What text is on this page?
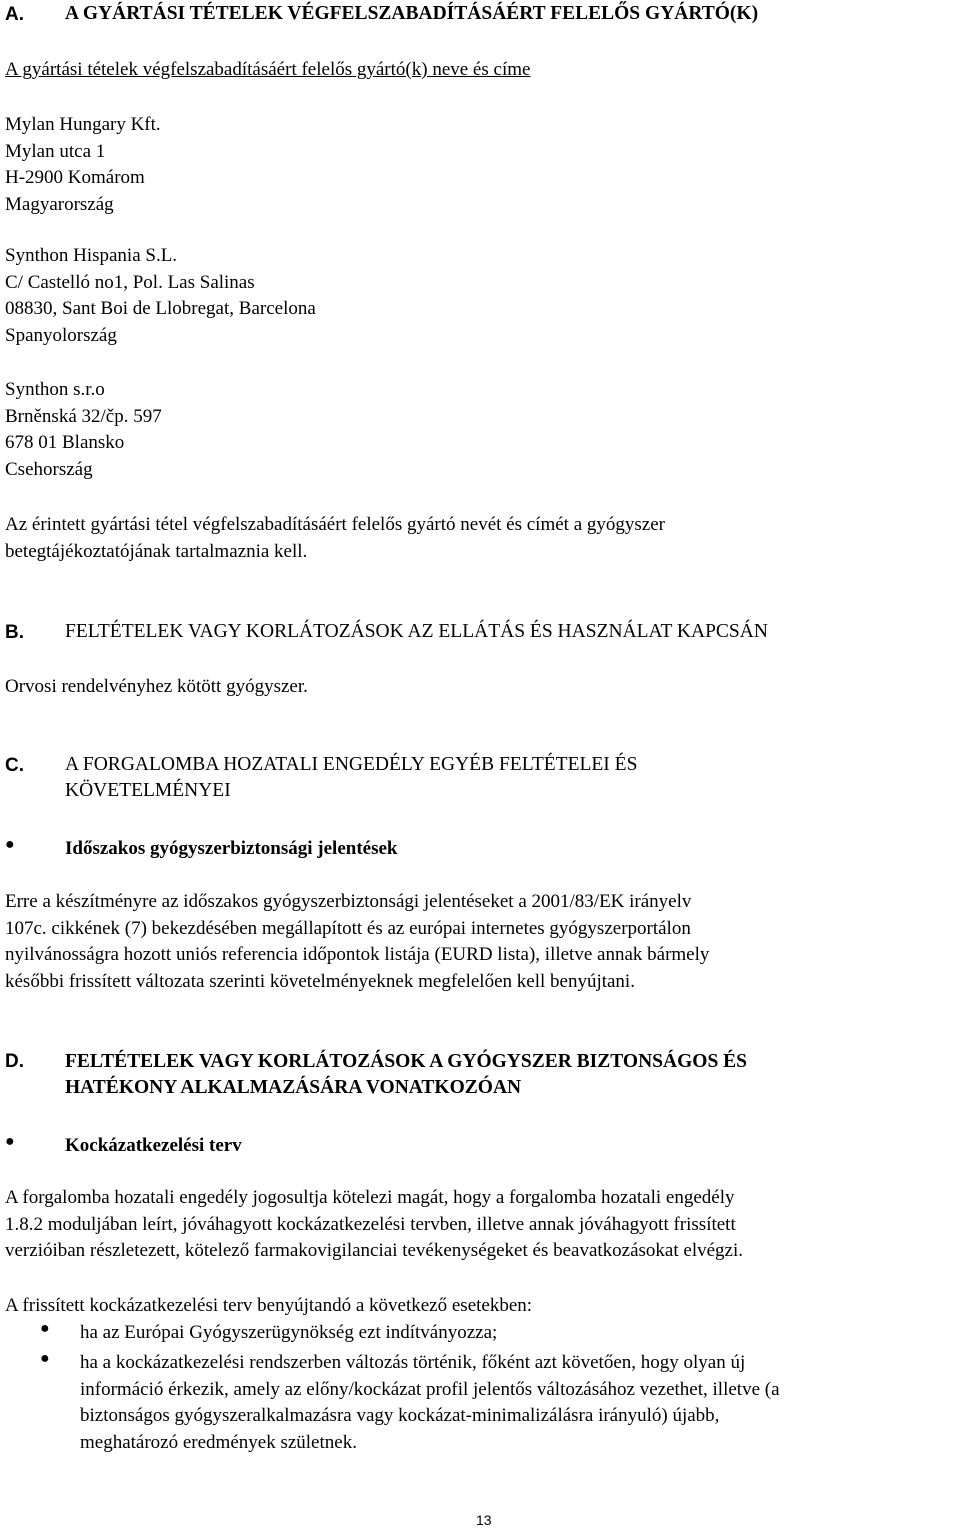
A. A GYÁRTÁSI TÉTELEK VÉGFELSZABADÍTÁSÁÉRT FELELŐS GYÁRTÓ(K)
A gyártási tételek végfelszabadításáért felelős gyártó(k) neve és címe
Mylan Hungary Kft.
Mylan utca 1
H-2900 Komárom
Magyarország
Synthon Hispania S.L.
C/ Castelló no1, Pol. Las Salinas
08830, Sant Boi de Llobregat, Barcelona
Spanyolország
Synthon s.r.o
Brněnská 32/čp. 597
678 01 Blansko
Csehország
Az érintett gyártási tétel végfelszabadításáért felelős gyártó nevét és címét a gyógyszer
betegtájékoztatójának tartalmaznia kell.
B. FELTÉTELEK VAGY KORLÁTOZÁSOK AZ ELLÁTÁS ÉS HASZNÁLAT KAPCSÁN
Orvosi rendelvényhez kötött gyógyszer.
C. A FORGALOMBA HOZATALI ENGEDÉLY EGYÉB FELTÉTELEI ÉS
KÖVETELMÉNYEI
●	Időszakos gyógyszerbiztonsági jelentések
Erre a készítményre az időszakos gyógyszerbiztonsági jelentéseket a 2001/83/EK irányelv
107c. cikkének (7) bekezdésében megállapított és az európai internetes gyógyszerportálon
nyilvánosságra hozott uniós referencia időpontok listája (EURD lista), illetve annak bármely
későbbi frissített változata szerinti követelményeknek megfelelően kell benyújtani.
D. FELTÉTELEK VAGY KORLÁTOZÁSOK A GYÓGYSZER BIZTONSÁGOS ÉS
HATÉKONY ALKALMAZÁSÁRA VONATKOZÓAN
●	Kockázatkezelési terv
A forgalomba hozatali engedély jogosultja kötelezi magát, hogy a forgalomba hozatali engedély
1.8.2 moduljában leírt, jóváhagyott kockázatkezelési tervben, illetve annak jóváhagyott frissített
verzióiban részletezett, kötelező farmakovigilanciai tevékenységeket és beavatkozásokat elvégzi.
A frissített kockázatkezelési terv benyújtandó a következő esetekben:
● ha az Európai Gyógyszerügynökség ezt indítványozza;
● ha a kockázatkezelési rendszerben változás történik, főként azt követően, hogy olyan új
információ érkezik, amely az előny/kockázat profil jelentős változásához vezethet, illetve (a
biztonságos gyógyszeralkalmazásra vagy kockázat-minimalizálásra irányuló) újabb,
meghatározó eredmények születnek.
13
